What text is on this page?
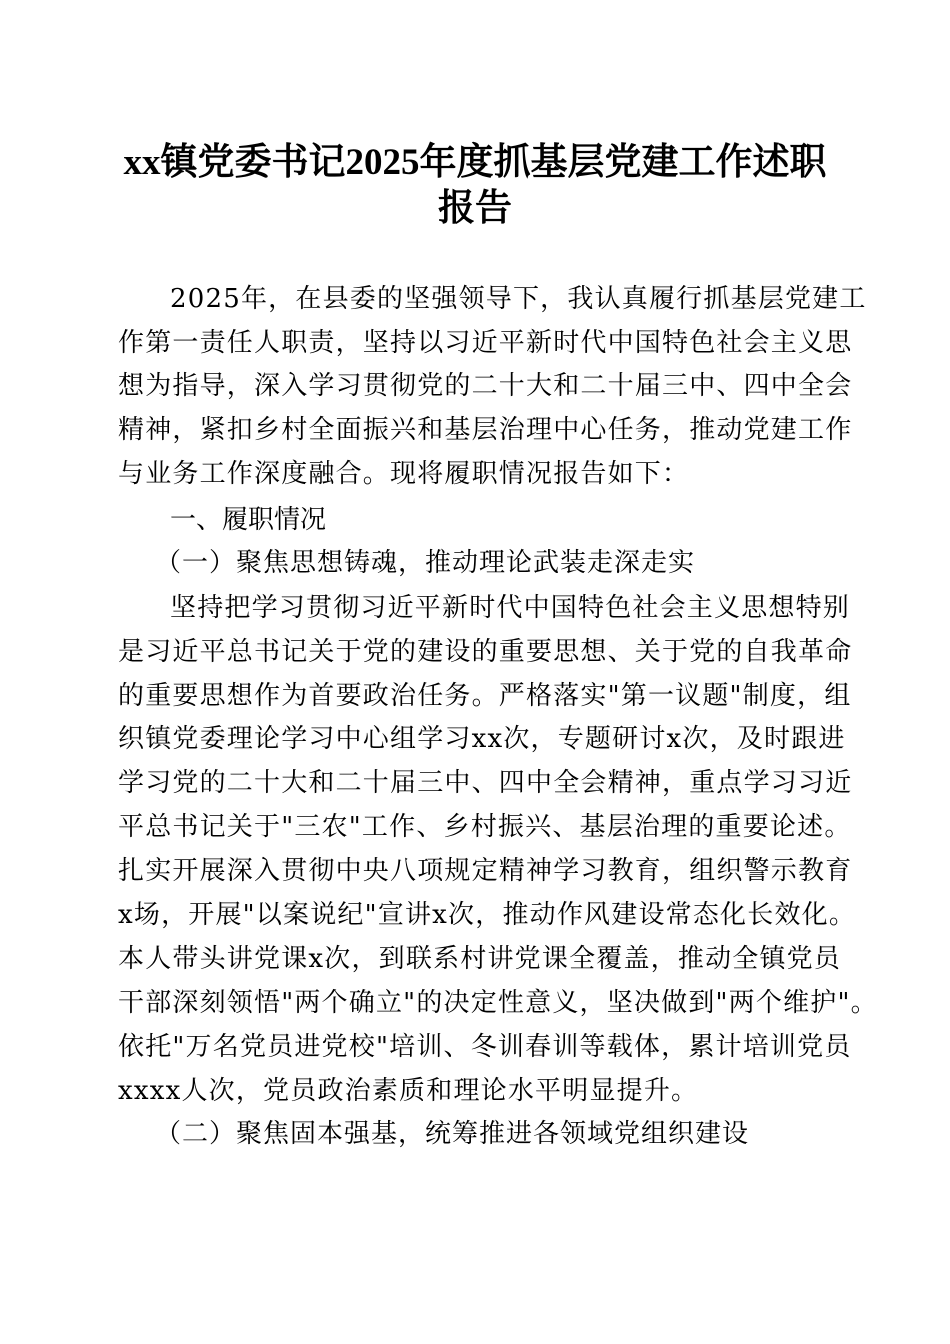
xx镇党委书记2025年度抓基层党建工作述职
报告
2025年，在县委的坚强领导下，我认真履行抓基层党建工
作第一责任人职责，坚持以习近平新时代中国特色社会主义思
想为指导，深入学习贯彻党的二十大和二十届三中、四中全会
精神，紧扣乡村全面振兴和基层治理中心任务，推动党建工作
与业务工作深度融合。现将履职情况报告如下：
一、履职情况
（一）聚焦思想铸魂，推动理论武装走深走实
坚持把学习贯彻习近平新时代中国特色社会主义思想特别
是习近平总书记关于党的建设的重要思想、关于党的自我革命
的重要思想作为首要政治任务。严格落实"第一议题"制度，组
织镇党委理论学习中心组学习xx次，专题研讨x次，及时跟进
学习党的二十大和二十届三中、四中全会精神，重点学习习近
平总书记关于"三农"工作、乡村振兴、基层治理的重要论述。
扎实开展深入贯彻中央八项规定精神学习教育，组织警示教育
x场，开展"以案说纪"宣讲x次，推动作风建设常态化长效化。
本人带头讲党课x次，到联系村讲党课全覆盖，推动全镇党员
干部深刻领悟"两个确立"的决定性意义，坚决做到"两个维护"。
依托"万名党员进党校"培训、冬训春训等载体，累计培训党员
xxxx人次，党员政治素质和理论水平明显提升。
（二）聚焦固本强基，统筹推进各领域党组织建设
